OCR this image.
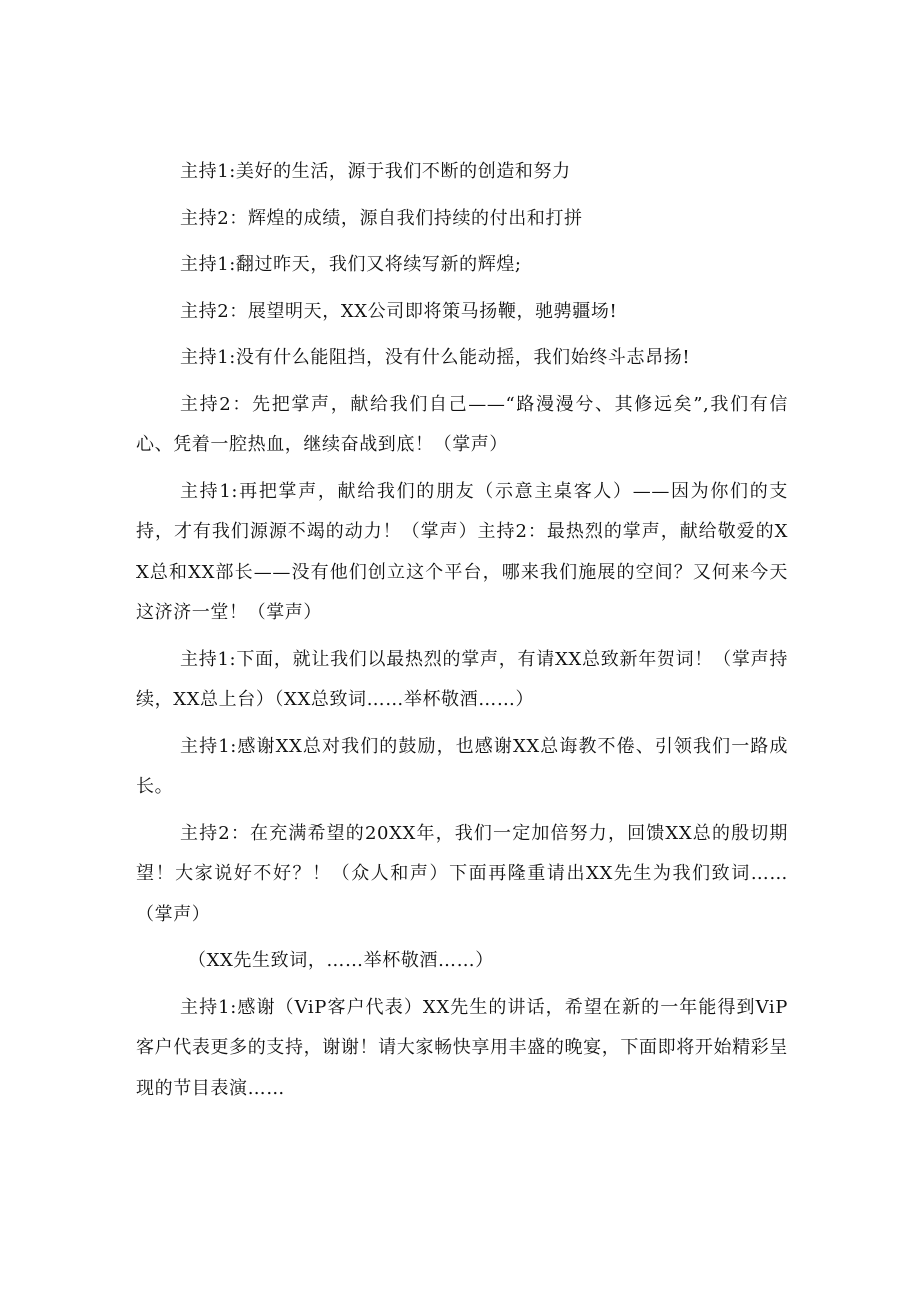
主持1:美好的生活，源于我们不断的创造和努力

主持2：辉煌的成绩，源自我们持续的付出和打拼

主持1:翻过昨天，我们又将续写新的辉煌;

主持2：展望明天，XX公司即将策马扬鞭，驰骋疆场!

主持1:没有什么能阻挡，没有什么能动摇，我们始终斗志昂扬!

主持2：先把掌声，献给我们自己——“路漫漫兮、其修远矣”,我们有信心、凭着一腔热血，继续奋战到底！（掌声）

主持1:再把掌声，献给我们的朋友（示意主桌客人）——因为你们的支持，才有我们源源不竭的动力！（掌声）主持2：最热烈的掌声，献给敬爱的XX总和XX部长——没有他们创立这个平台，哪来我们施展的空间？又何来今天这济济一堂！（掌声）

主持1:下面，就让我们以最热烈的掌声，有请XX总致新年贺词！（掌声持续，XX总上台）（XX总致词……举杯敬酒……）

主持1:感谢XX总对我们的鼓励，也感谢XX总诲教不倦、引领我们一路成长。

主持2：在充满希望的20XX年，我们一定加倍努力，回馈XX总的殷切期望！大家说好不好？！（众人和声）下面再隆重请出XX先生为我们致词……（掌声）

（XX先生致词，……举杯敬酒……）

主持1:感谢（ViP客户代表）XX先生的讲话，希望在新的一年能得到ViP客户代表更多的支持，谢谢！请大家畅快享用丰盛的晚宴，下面即将开始精彩呈现的节目表演……
